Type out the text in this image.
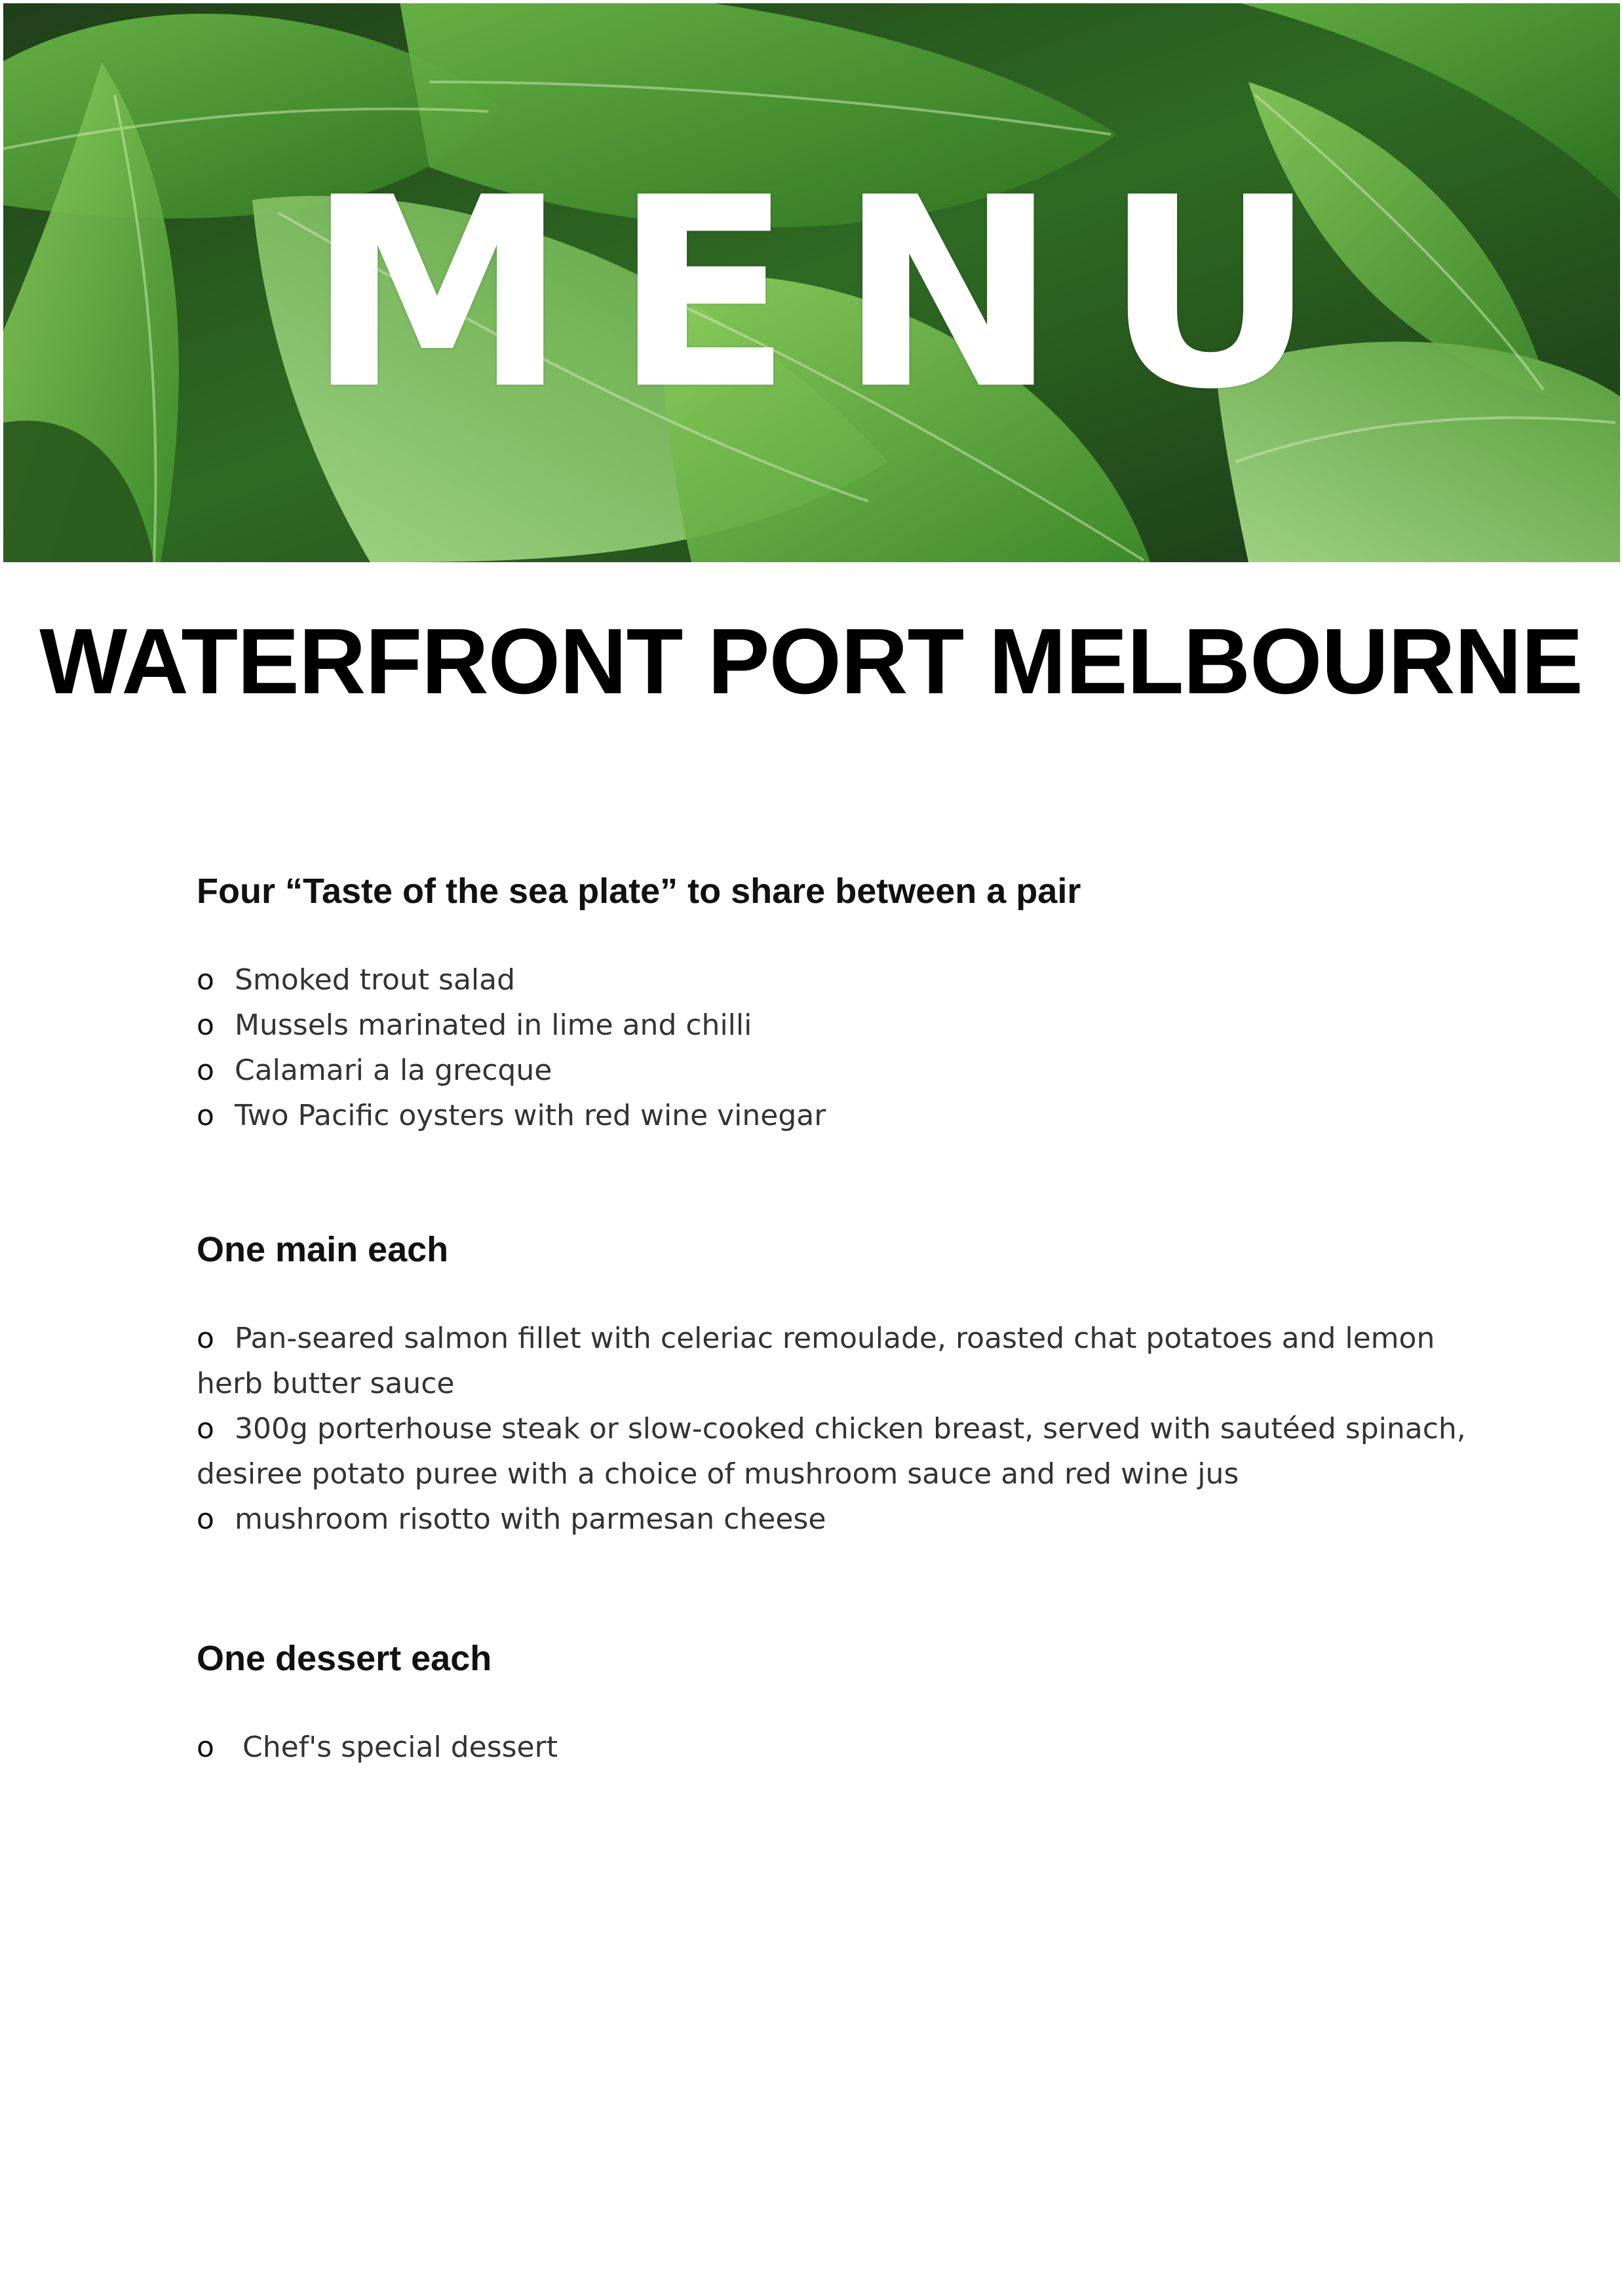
MENU
WATERFRONT PORT MELBOURNE
Four “Taste of the sea plate” to share between a pair
o Smoked trout salad
o Mussels marinated in lime and chilli
o Calamari a la grecque
o Two Pacific oysters with red wine vinegar
One main each
o Pan-seared salmon fillet with celeriac remoulade, roasted chat potatoes and lemon herb butter sauce
o 300g porterhouse steak or slow-cooked chicken breast, served with sautéed spinach, desiree potato puree with a choice of mushroom sauce and red wine jus
o mushroom risotto with parmesan cheese
One dessert each
o Chef's special dessert
